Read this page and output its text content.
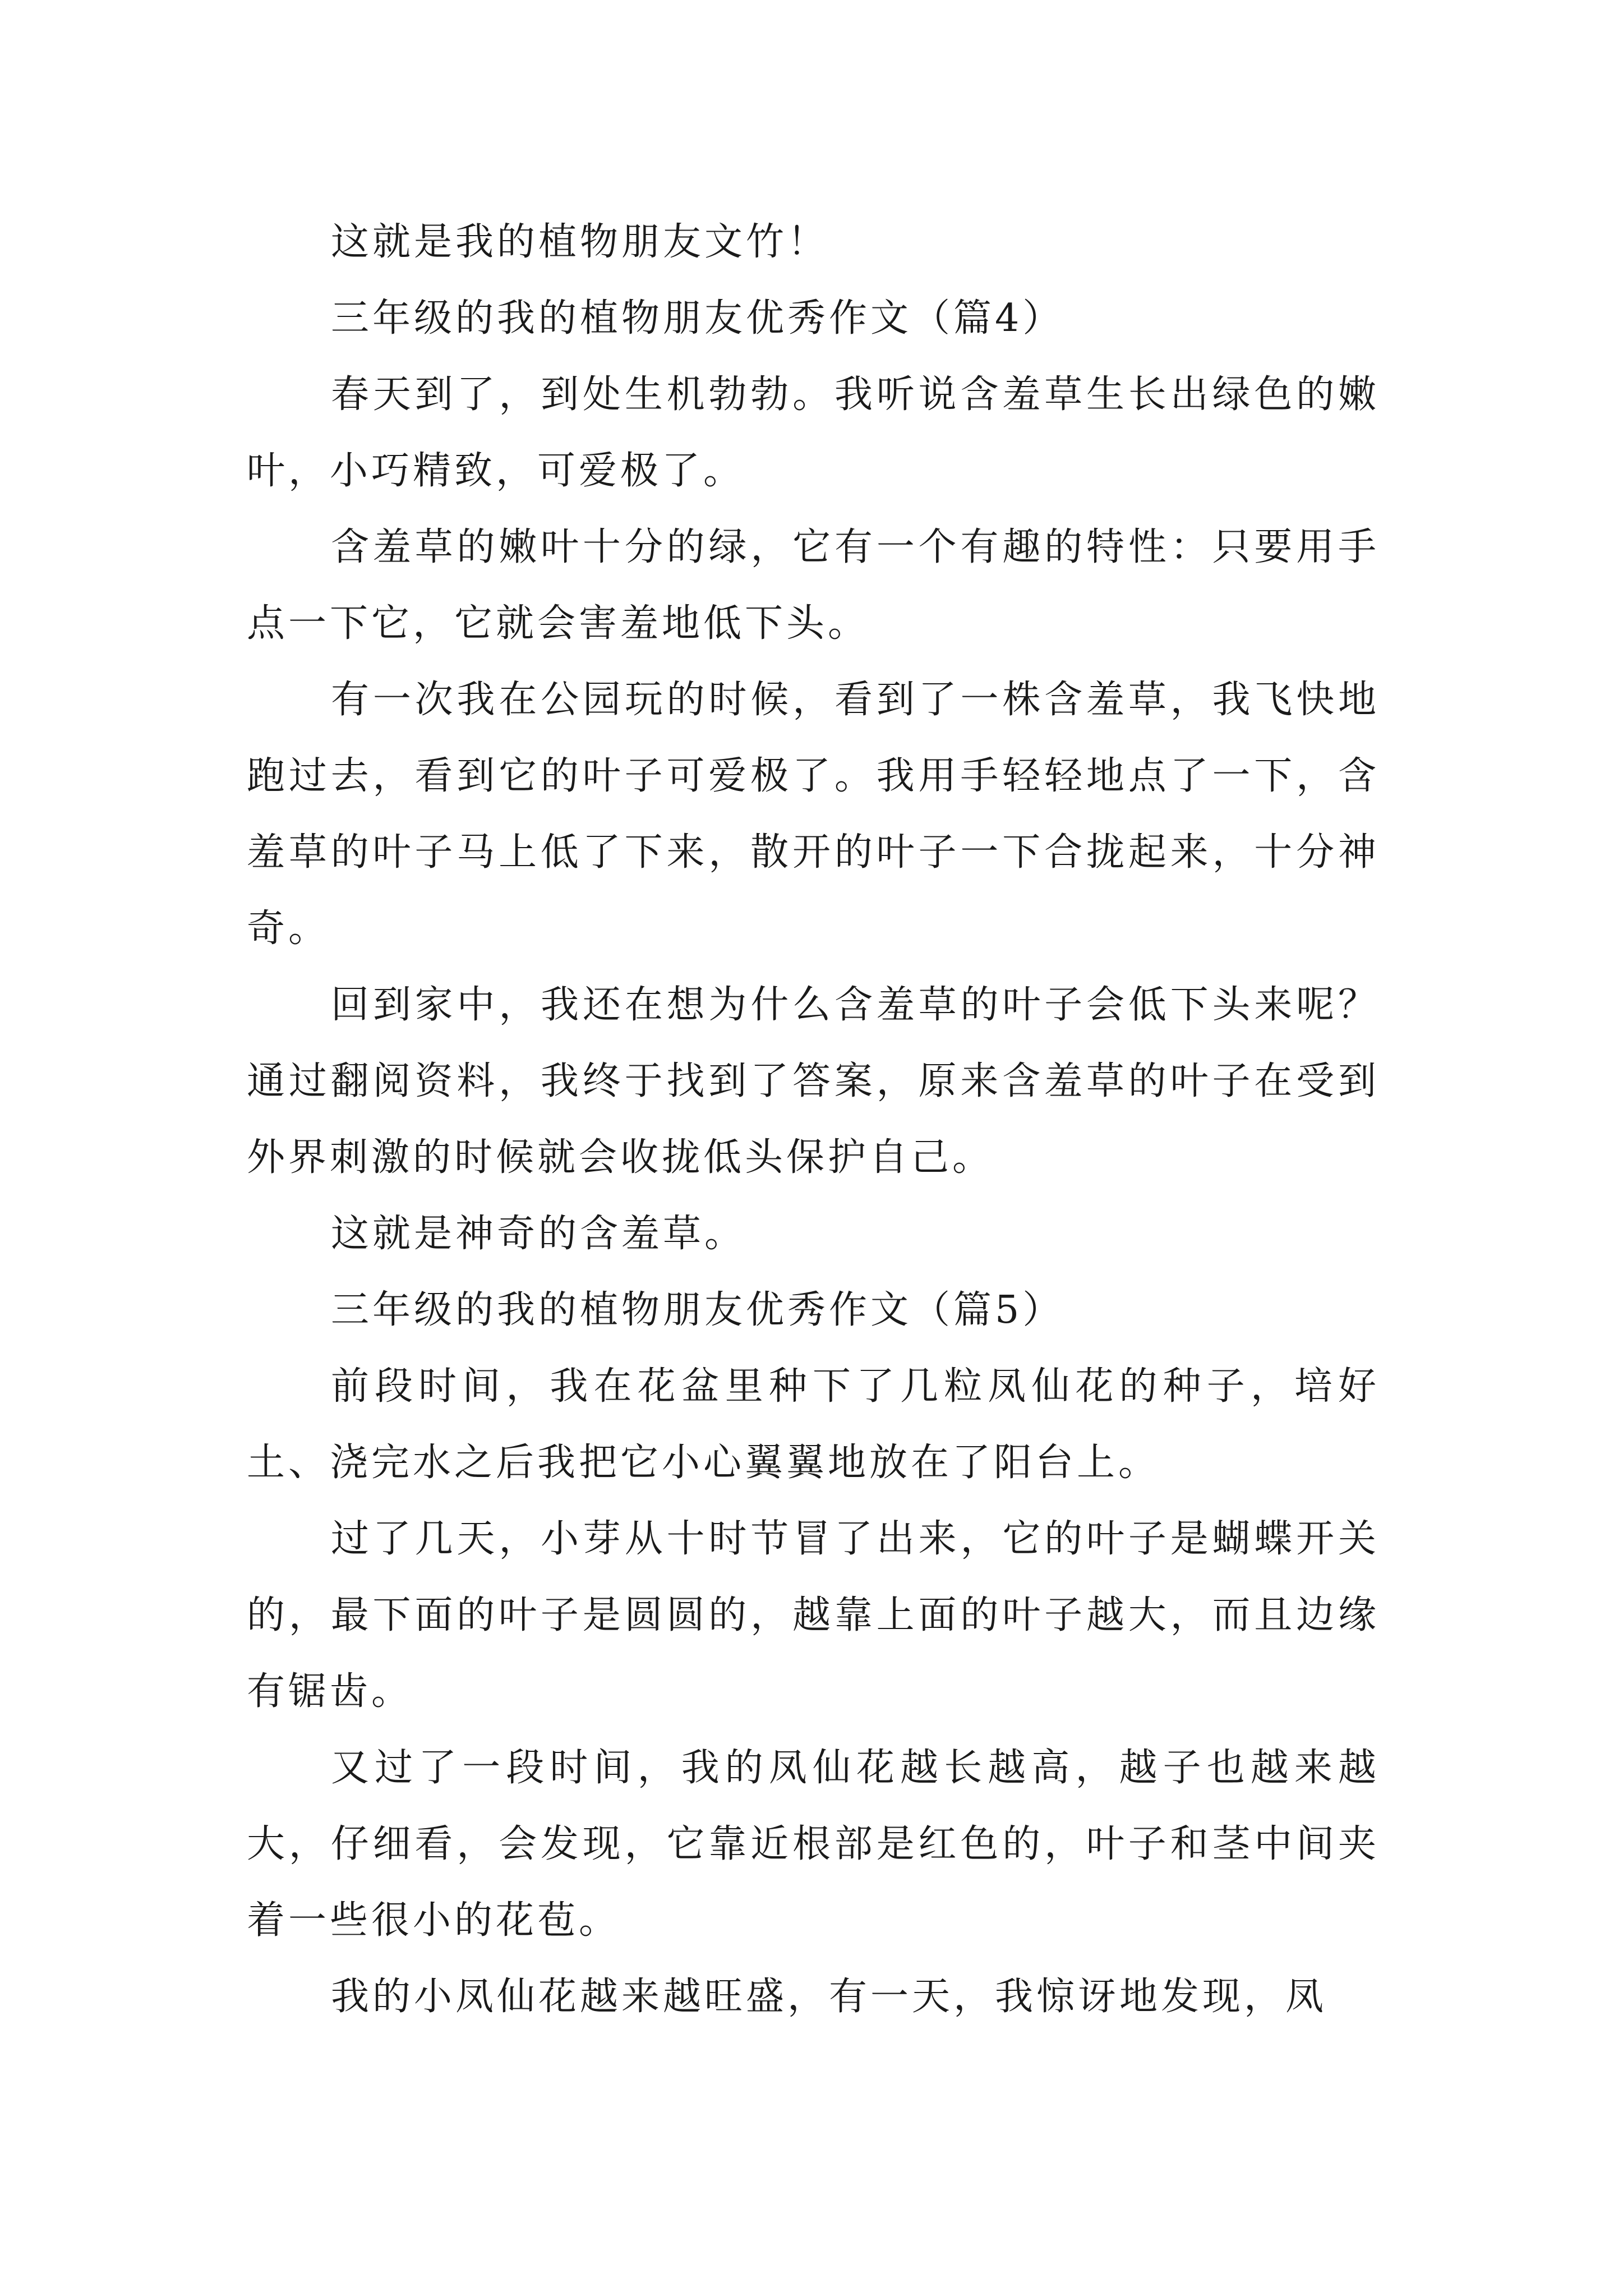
这就是我的植物朋友文竹！

三年级的我的植物朋友优秀作文（篇4）

春天到了，到处生机勃勃。我听说含羞草生长出绿色的嫩叶，小巧精致，可爱极了。

含羞草的嫩叶十分的绿，它有一个有趣的特性：只要用手点一下它，它就会害羞地低下头。

有一次我在公园玩的时候，看到了一株含羞草，我飞快地跑过去，看到它的叶子可爱极了。我用手轻轻地点了一下，含羞草的叶子马上低了下来，散开的叶子一下合拢起来，十分神奇。

回到家中，我还在想为什么含羞草的叶子会低下头来呢？通过翻阅资料，我终于找到了答案，原来含羞草的叶子在受到外界刺激的时候就会收拢低头保护自己。

这就是神奇的含羞草。

三年级的我的植物朋友优秀作文（篇5）

前段时间，我在花盆里种下了几粒凤仙花的种子，培好土、浇完水之后我把它小心翼翼地放在了阳台上。

过了几天，小芽从十时节冒了出来，它的叶子是蝴蝶开关的，最下面的叶子是圆圆的，越靠上面的叶子越大，而且边缘有锯齿。

又过了一段时间，我的凤仙花越长越高，越子也越来越大，仔细看，会发现，它靠近根部是红色的，叶子和茎中间夹着一些很小的花苞。

我的小凤仙花越来越旺盛，有一天，我惊讶地发现，凤
